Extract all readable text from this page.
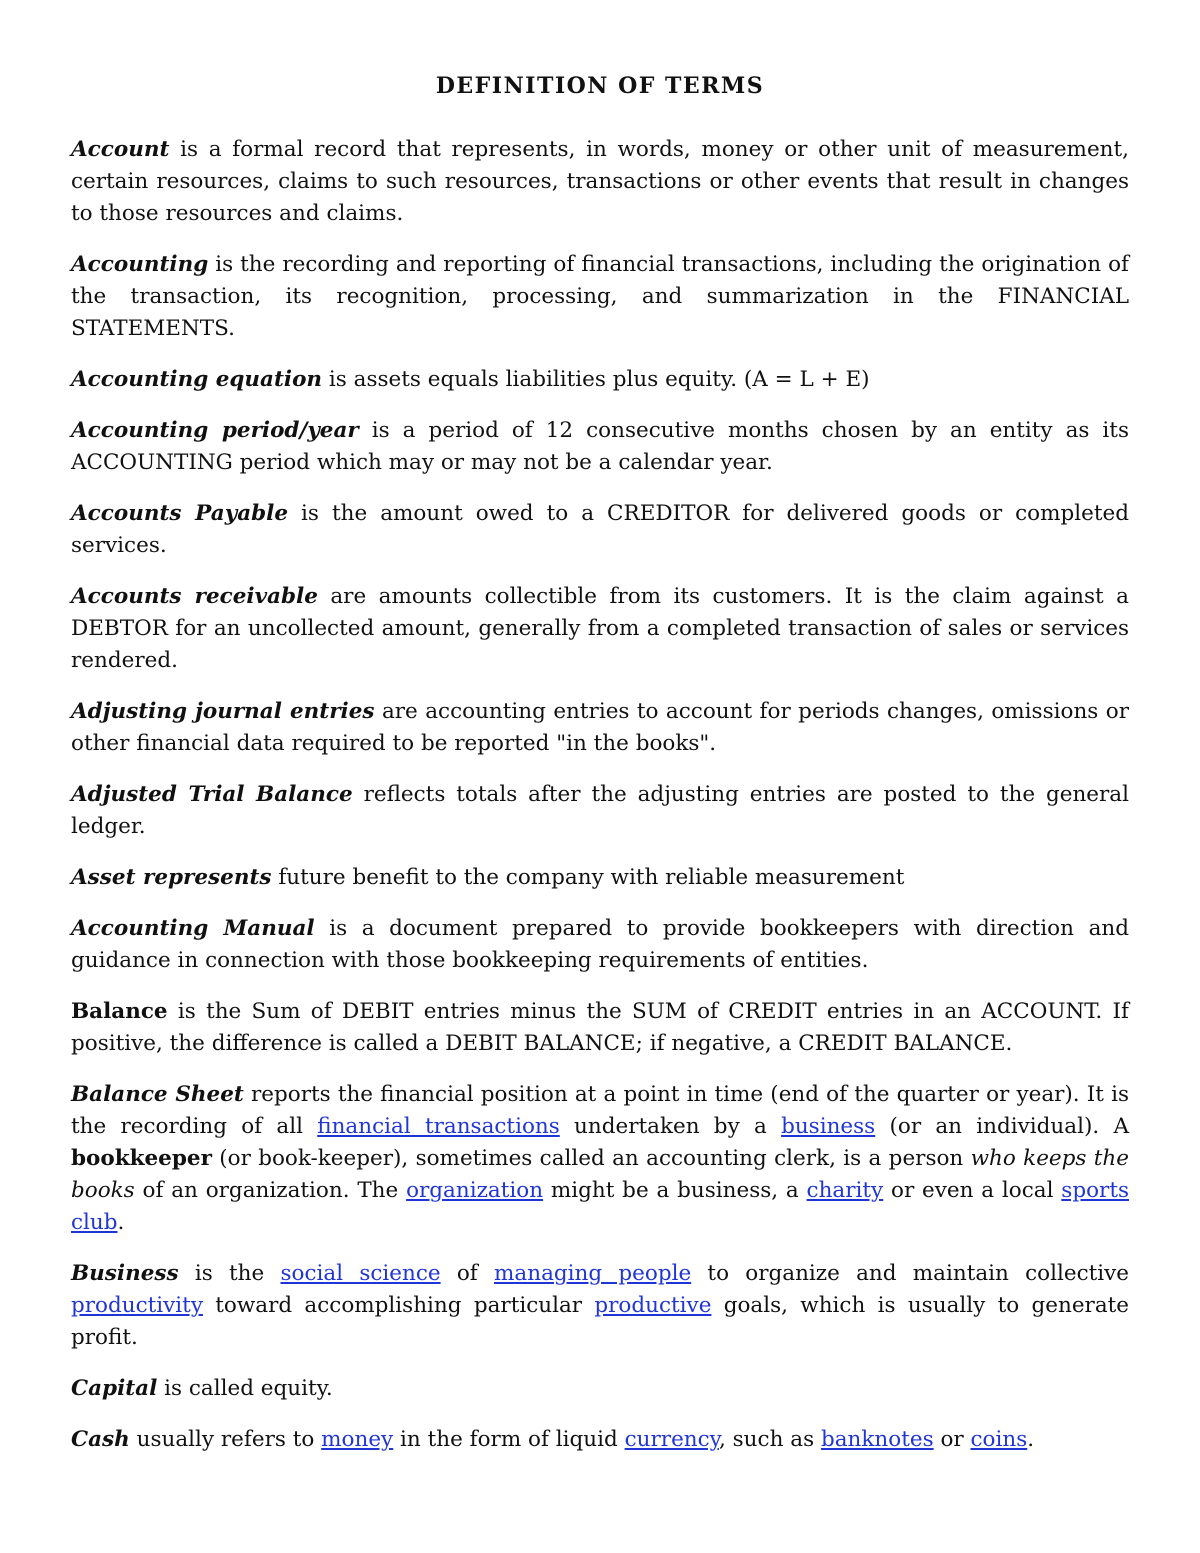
DEFINITION OF TERMS

Account is a formal record that represents, in words, money or other unit of measurement, certain resources, claims to such resources, transactions or other events that result in changes to those resources and claims.

Accounting is the recording and reporting of financial transactions, including the origination of the transaction, its recognition, processing, and summarization in the FINANCIAL STATEMENTS.

Accounting equation is assets equals liabilities plus equity. (A = L + E)

Accounting period/year is a period of 12 consecutive months chosen by an entity as its ACCOUNTING period which may or may not be a calendar year.

Accounts Payable is the amount owed to a CREDITOR for delivered goods or completed services.

Accounts receivable are amounts collectible from its customers. It is the claim against a DEBTOR for an uncollected amount, generally from a completed transaction of sales or services rendered.

Adjusting journal entries are accounting entries to account for periods changes, omissions or other financial data required to be reported "in the books".

Adjusted Trial Balance reflects totals after the adjusting entries are posted to the general ledger.

Asset represents future benefit to the company with reliable measurement

Accounting Manual is a document prepared to provide bookkeepers with direction and guidance in connection with those bookkeeping requirements of entities.

Balance is the Sum of DEBIT entries minus the SUM of CREDIT entries in an ACCOUNT. If positive, the difference is called a DEBIT BALANCE; if negative, a CREDIT BALANCE.

Balance Sheet reports the financial position at a point in time (end of the quarter or year). It is the recording of all financial transactions undertaken by a business (or an individual). A bookkeeper (or book-keeper), sometimes called an accounting clerk, is a person who keeps the books of an organization. The organization might be a business, a charity or even a local sports club.

Business is the social science of managing people to organize and maintain collective productivity toward accomplishing particular productive goals, which is usually to generate profit.

Capital is called equity.

Cash usually refers to money in the form of liquid currency, such as banknotes or coins.
